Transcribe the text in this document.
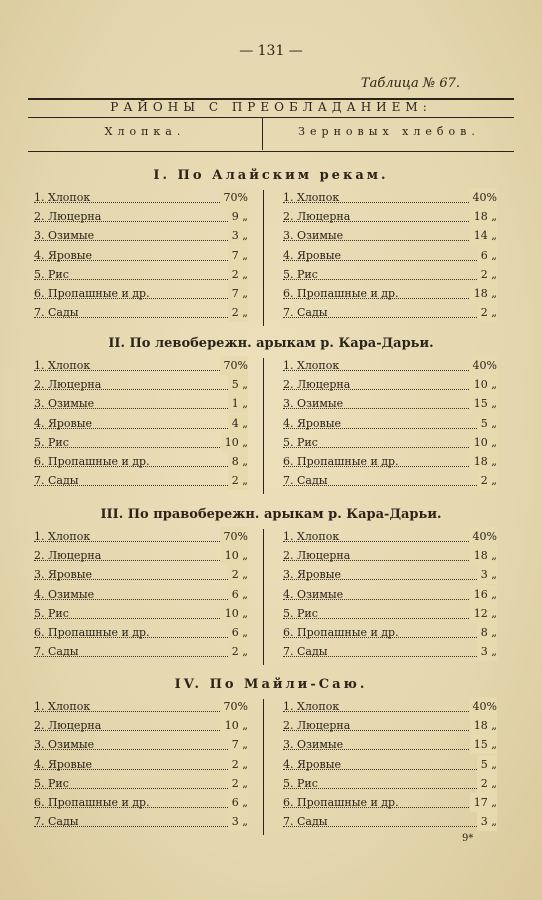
— 131 —
Таблица № 67.
РАЙОНЫ С ПРЕОБЛАДАНИЕМ:
Хлопка.	Зерновых хлебов.
I. По Алайским рекам.
1. Хлопок	70%
2. Люцерна	9 „
3. Озимые	3 „
4. Яровые	7 „
5. Рис	2 „
6. Пропашные и др.	7 „
7. Сады	2 „
1. Хлопок	40%
2. Люцерна	18 „
3. Озимые	14 „
4. Яровые	6 „
5. Рис	2 „
6. Пропашные и др.	18 „
7. Сады	2 „
II. По левобережн. арыкам р. Кара-Дарьи.
1. Хлопок	70%
2. Люцерна	5 „
3. Озимые	1 „
4. Яровые	4 „
5. Рис	10 „
6. Пропашные и др.	8 „
7. Сады	2 „
1. Хлопок	40%
2. Люцерна	10 „
3. Озимые	15 „
4. Яровые	5 „
5. Рис	10 „
6. Пропашные и др.	18 „
7. Сады	2 „
III. По правобережн. арыкам р. Кара-Дарьи.
1. Хлопок	70%
2. Люцерна	10 „
3. Яровые	2 „
4. Озимые	6 „
5. Рис	10 „
6. Пропашные и др.	6 „
7. Сады	2 „
1. Хлопок	40%
2. Люцерна	18 „
3. Яровые	3 „
4. Озимые	16 „
5. Рис	12 „
6. Пропашные и др.	8 „
7. Сады	3 „
IV. По Майли-Саю.
1. Хлопок	70%
2. Люцерна	10 „
3. Озимые	7 „
4. Яровые	2 „
5. Рис	2 „
6. Пропашные и др.	6 „
7. Сады	3 „
1. Хлопок	40%
2. Люцерна	18 „
3. Озимые	15 „
4. Яровые	5 „
5. Рис	2 „
6. Пропашные и др.	17 „
7. Сады	3 „
9*
